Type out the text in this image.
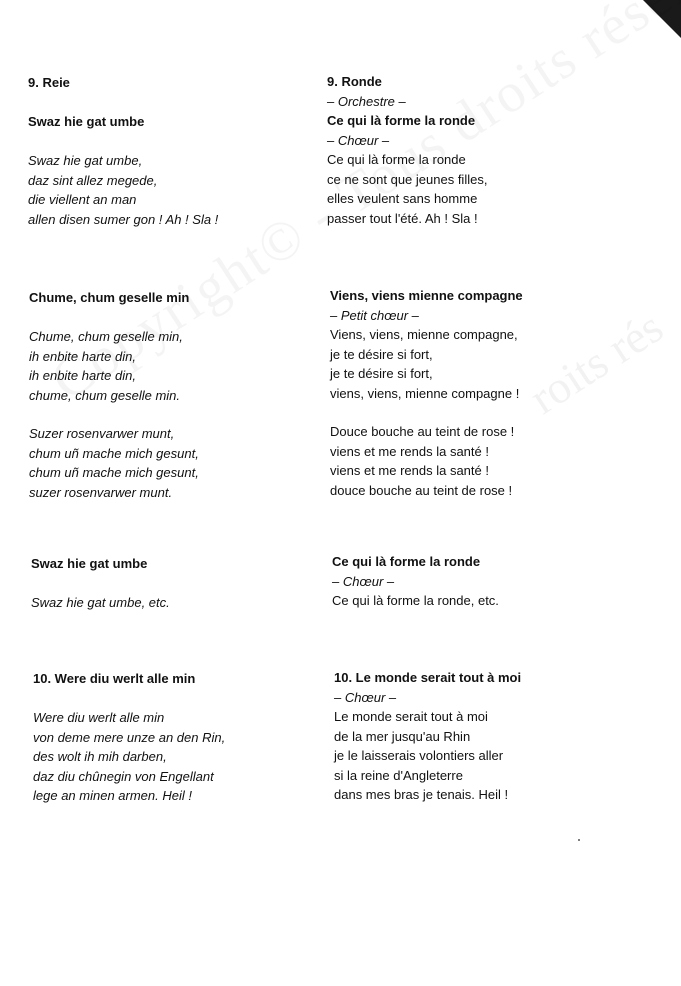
roits rés
9. Reie
Swaz hie gat umbe
Swaz hie gat umbe,
daz sint allez megede,
die viellent an man
allen disen sumer gon ! Ah ! Sla !
Chume, chum geselle min
Chume, chum geselle min,
ih enbite harte din,
ih enbite harte din,
chume, chum geselle min.
Suzer rosenvarwer munt,
chum uñ mache mich gesunt,
chum uñ mache mich gesunt,
suzer rosenvarwer munt.
Swaz hie gat umbe
Swaz hie gat umbe, etc.
10. Were diu werlt alle min
Were diu werlt alle min
von deme mere unze an den Rin,
des wolt ih mih darben,
daz diu chûnegin von Engellant
lege an minen armen. Heil !
9. Ronde
– Orchestre –
Ce qui là forme la ronde
– Chœur –
Ce qui là forme la ronde
ce ne sont que jeunes filles,
elles veulent sans homme
passer tout l'été. Ah ! Sla !
Viens, viens mienne compagne
– Petit chœur –
Viens, viens, mienne compagne,
je te désire si fort,
je te désire si fort,
viens, viens, mienne compagne !
Douce bouche au teint de rose !
viens et me rends la santé !
viens et me rends la santé !
douce bouche au teint de rose !
Ce qui là forme la ronde
– Chœur –
Ce qui là forme la ronde, etc.
10. Le monde serait tout à moi
– Chœur –
Le monde serait tout à moi
de la mer jusqu'au Rhin
je le laisserais volontiers aller
si la reine d'Angleterre
dans mes bras je tenais. Heil !
